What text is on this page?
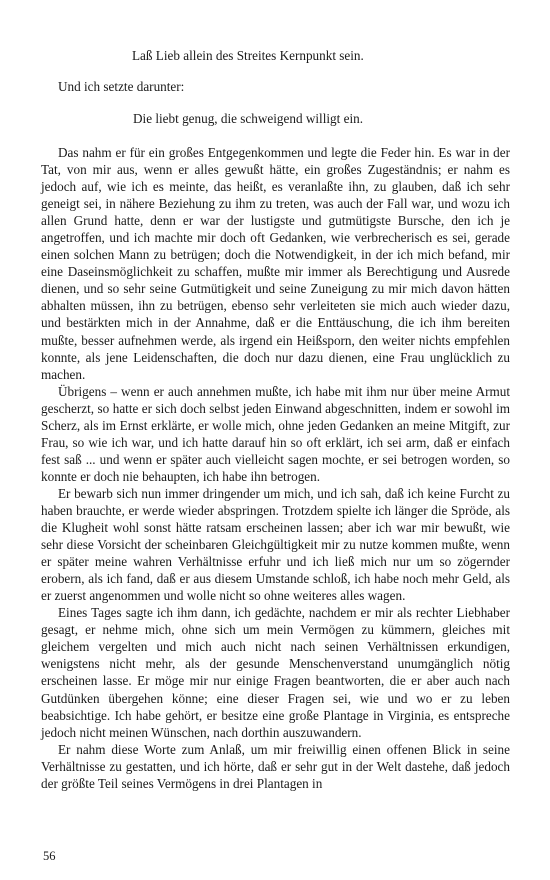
Laß Lieb allein des Streites Kernpunkt sein.

Und ich setzte darunter:

Die liebt genug, die schweigend willigt ein.

Das nahm er für ein großes Entgegenkommen und legte die Feder hin. Es war in der Tat, von mir aus, wenn er alles gewußt hätte, ein großes Zugeständnis; er nahm es jedoch auf, wie ich es meinte, das heißt, es veranlaßte ihn, zu glauben, daß ich sehr geneigt sei, in nähere Beziehung zu ihm zu treten, was auch der Fall war, und wozu ich allen Grund hatte, denn er war der lustigste und gutmütigste Bursche, den ich je angetroffen, und ich machte mir doch oft Gedanken, wie verbrecherisch es sei, gerade einen solchen Mann zu betrügen; doch die Notwendigkeit, in der ich mich befand, mir eine Daseinsmöglichkeit zu schaffen, mußte mir immer als Berechtigung und Ausrede dienen, und so sehr seine Gutmütigkeit und seine Zuneigung zu mir mich davon hätten abhalten müssen, ihn zu betrügen, ebenso sehr verleiteten sie mich auch wieder dazu, und bestärkten mich in der Annahme, daß er die Enttäuschung, die ich ihm bereiten mußte, besser aufnehmen werde, als irgend ein Heißsporn, den weiter nichts empfehlen konnte, als jene Leidenschaften, die doch nur dazu dienen, eine Frau unglücklich zu machen.

Übrigens – wenn er auch annehmen mußte, ich habe mit ihm nur über meine Armut gescherzt, so hatte er sich doch selbst jeden Einwand abgeschnitten, indem er sowohl im Scherz, als im Ernst erklärte, er wolle mich, ohne jeden Gedanken an meine Mitgift, zur Frau, so wie ich war, und ich hatte darauf hin so oft erklärt, ich sei arm, daß er einfach fest saß ... und wenn er später auch vielleicht sagen mochte, er sei betrogen worden, so konnte er doch nie behaupten, ich habe ihn betrogen.

Er bewarb sich nun immer dringender um mich, und ich sah, daß ich keine Furcht zu haben brauchte, er werde wieder abspringen. Trotzdem spielte ich länger die Spröde, als die Klugheit wohl sonst hätte ratsam erscheinen lassen; aber ich war mir bewußt, wie sehr diese Vorsicht der scheinbaren Gleichgültigkeit mir zu nutze kommen mußte, wenn er später meine wahren Verhältnisse erfuhr und ich ließ mich nur um so zögernder erobern, als ich fand, daß er aus diesem Umstande schloß, ich habe noch mehr Geld, als er zuerst angenommen und wolle nicht so ohne weiteres alles wagen.

Eines Tages sagte ich ihm dann, ich gedächte, nachdem er mir als rechter Liebhaber gesagt, er nehme mich, ohne sich um mein Vermögen zu kümmern, gleiches mit gleichem vergelten und mich auch nicht nach seinen Verhältnissen erkundigen, wenigstens nicht mehr, als der gesunde Menschenverstand unumgänglich nötig erscheinen lasse. Er möge mir nur einige Fragen beantworten, die er aber auch nach Gutdünken übergehen könne; eine dieser Fragen sei, wie und wo er zu leben beabsichtige. Ich habe gehört, er besitze eine große Plantage in Virginia, es entspreche jedoch nicht meinen Wünschen, nach dorthin auszuwandern.

Er nahm diese Worte zum Anlaß, um mir freiwillig einen offenen Blick in seine Verhältnisse zu gestatten, und ich hörte, daß er sehr gut in der Welt dastehe, daß jedoch der größte Teil seines Vermögens in drei Plantagen in

56
